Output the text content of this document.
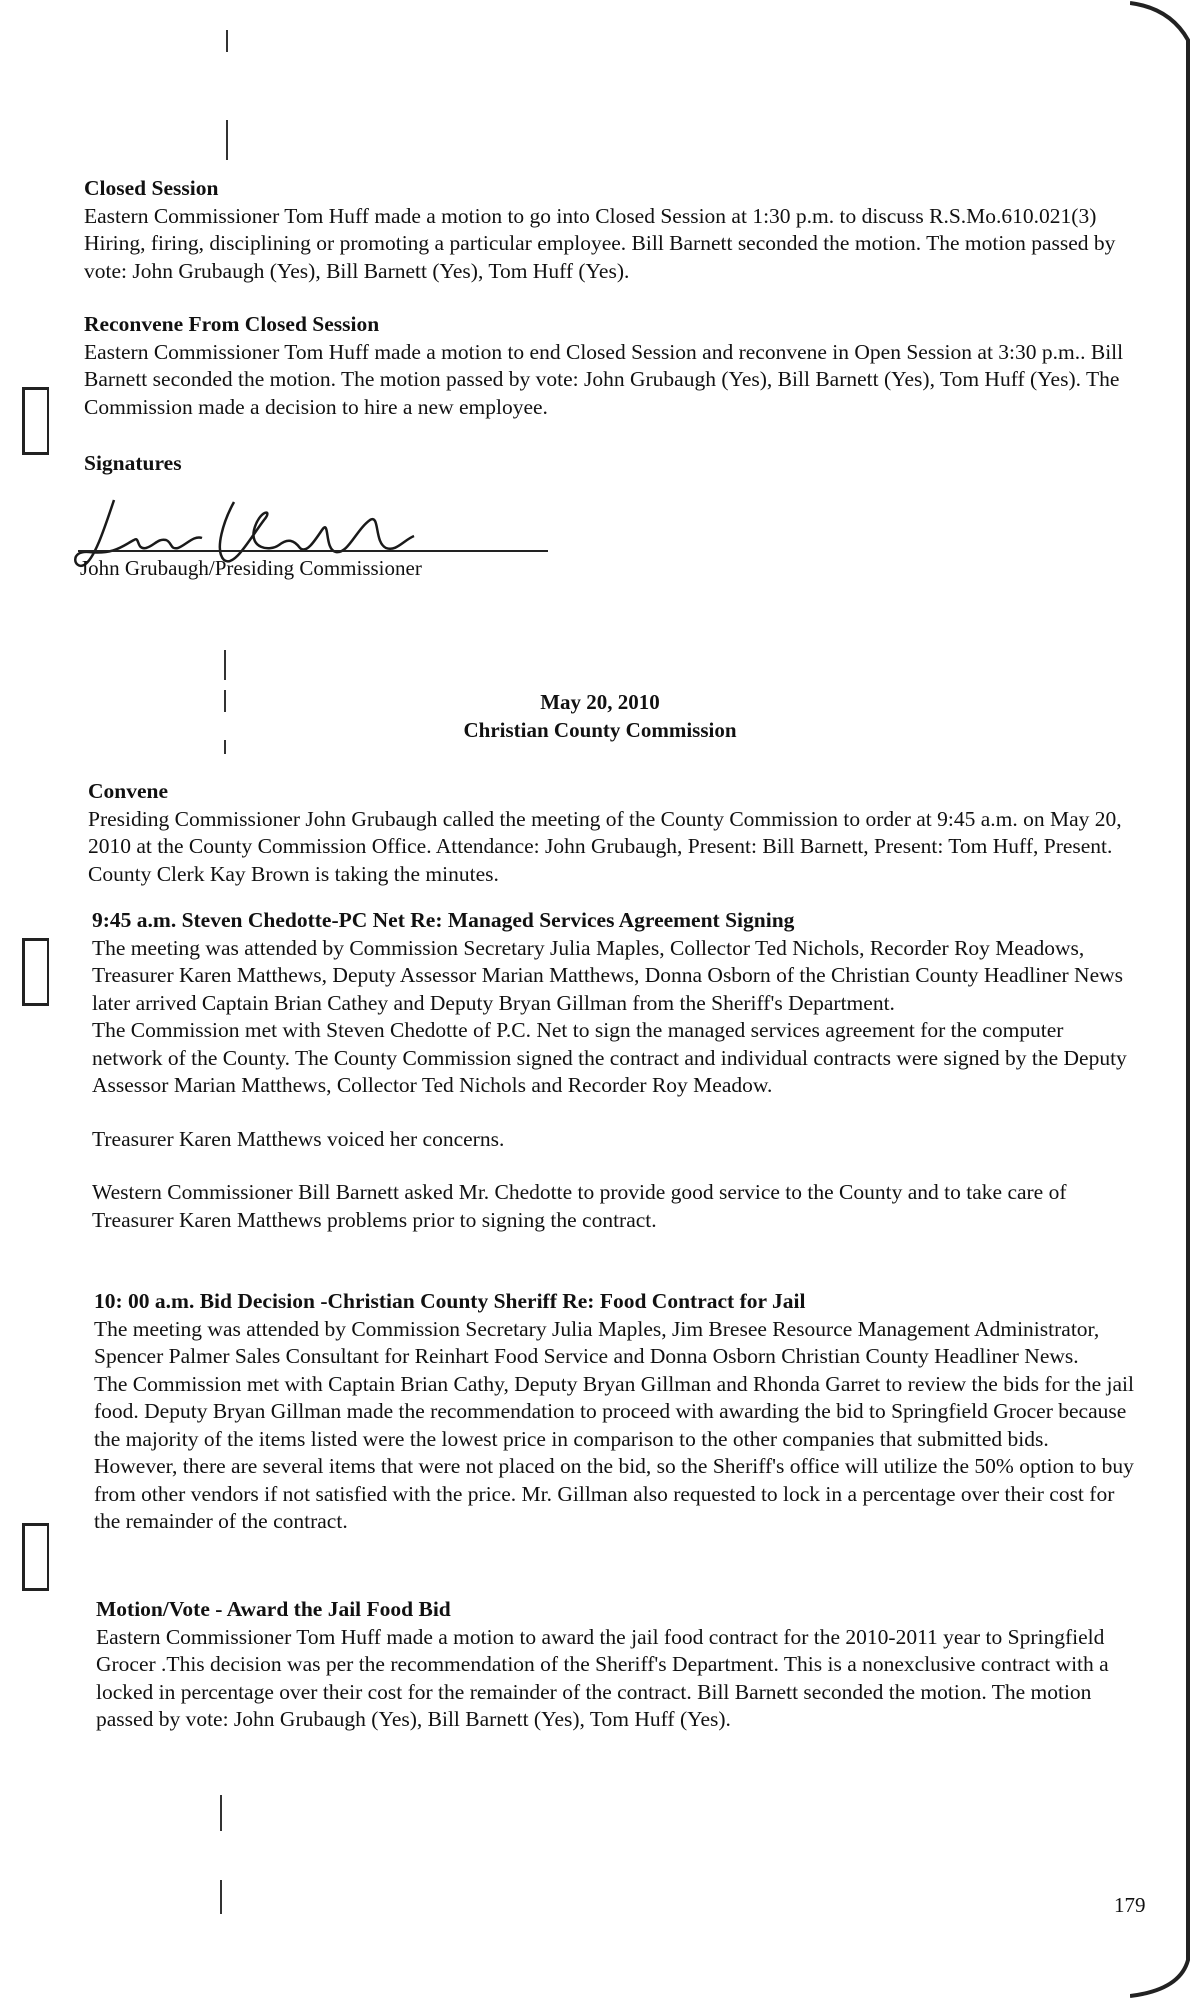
Closed Session

Eastern Commissioner Tom Huff made a motion to go into Closed Session at 1:30 p.m. to discuss R.S.Mo.610.021(3) Hiring, firing, disciplining or promoting a particular employee. Bill Barnett seconded the motion. The motion passed by vote: John Grubaugh (Yes), Bill Barnett (Yes), Tom Huff (Yes).

Reconvene From Closed Session

Eastern Commissioner Tom Huff made a motion to end Closed Session and reconvene in Open Session at 3:30 p.m.. Bill Barnett seconded the motion. The motion passed by vote: John Grubaugh (Yes), Bill Barnett (Yes), Tom Huff (Yes). The Commission made a decision to hire a new employee.

Signatures
John Grubaugh/Presiding Commissioner
May 20, 2010
Christian County Commission
Convene

Presiding Commissioner John Grubaugh called the meeting of the County Commission to order at 9:45 a.m. on May 20, 2010 at the County Commission Office. Attendance: John Grubaugh, Present: Bill Barnett, Present: Tom Huff, Present. County Clerk Kay Brown is taking the minutes.

9:45 a.m. Steven Chedotte-PC Net Re: Managed Services Agreement Signing

The meeting was attended by Commission Secretary Julia Maples, Collector Ted Nichols, Recorder Roy Meadows, Treasurer Karen Matthews, Deputy Assessor Marian Matthews, Donna Osborn of the Christian County Headliner News later arrived Captain Brian Cathey and Deputy Bryan Gillman from the Sheriff's Department.

The Commission met with Steven Chedotte of P.C. Net to sign the managed services agreement for the computer network of the County. The County Commission signed the contract and individual contracts were signed by the Deputy Assessor Marian Matthews, Collector Ted Nichols and Recorder Roy Meadow.

Treasurer Karen Matthews voiced her concerns.

Western Commissioner Bill Barnett asked Mr. Chedotte to provide good service to the County and to take care of Treasurer Karen Matthews problems prior to signing the contract.

10: 00 a.m. Bid Decision -Christian County Sheriff Re: Food Contract for Jail

The meeting was attended by Commission Secretary Julia Maples, Jim Bresee Resource Management Administrator, Spencer Palmer Sales Consultant for Reinhart Food Service and Donna Osborn Christian County Headliner News.

The Commission met with Captain Brian Cathy, Deputy Bryan Gillman and Rhonda Garret to review the bids for the jail food. Deputy Bryan Gillman made the recommendation to proceed with awarding the bid to Springfield Grocer because the majority of the items listed were the lowest price in comparison to the other companies that submitted bids. However, there are several items that were not placed on the bid, so the Sheriff's office will utilize the 50% option to buy from other vendors if not satisfied with the price. Mr. Gillman also requested to lock in a percentage over their cost for the remainder of the contract.

Motion/Vote - Award the Jail Food Bid

Eastern Commissioner Tom Huff made a motion to award the jail food contract for the 2010-2011 year to Springfield Grocer .This decision was per the recommendation of the Sheriff's Department. This is a nonexclusive contract with a locked in percentage over their cost for the remainder of the contract. Bill Barnett seconded the motion. The motion passed by vote: John Grubaugh (Yes), Bill Barnett (Yes), Tom Huff (Yes).

179
